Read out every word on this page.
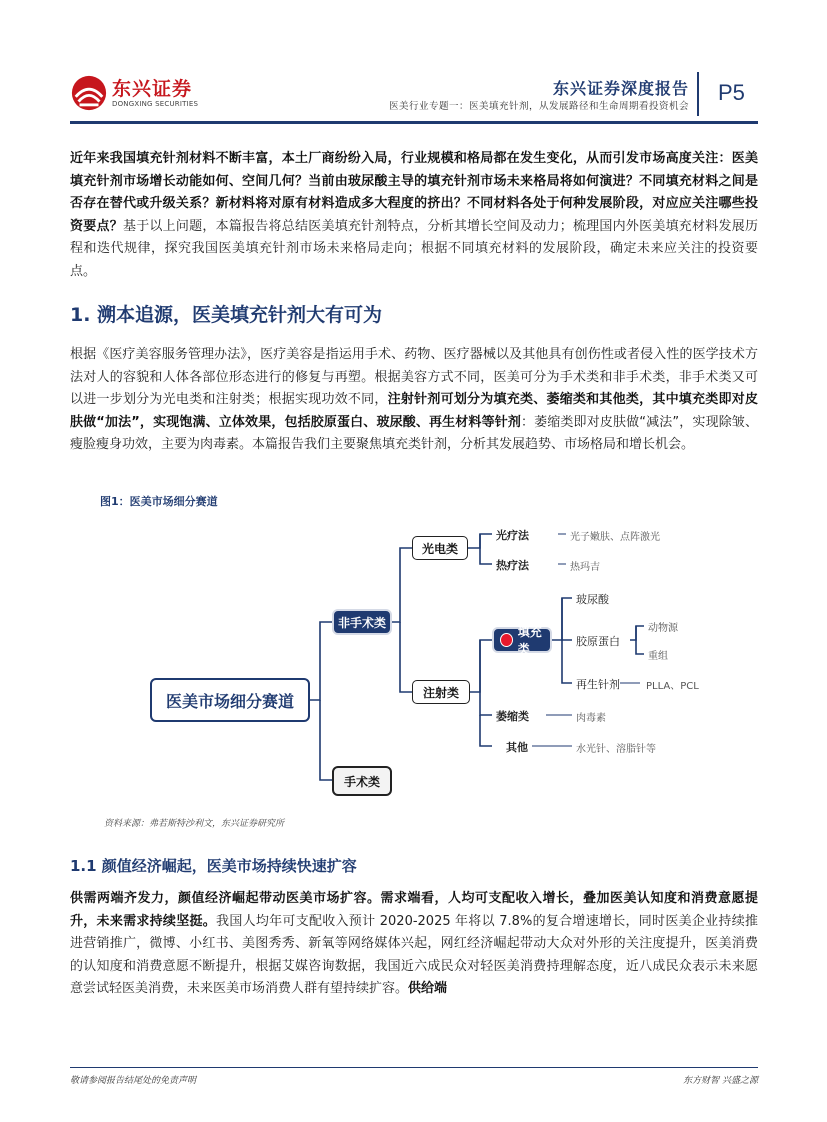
东兴证券
DONGXING SECURITIES
东兴证券深度报告
医美行业专题一：医美填充针剂，从发展路径和生命周期看投资机会
P5
近年来我国填充针剂材料不断丰富，本土厂商纷纷入局，行业规模和格局都在发生变化，从而引发市场高度关注：医美填充针剂市场增长动能如何、空间几何？当前由玻尿酸主导的填充针剂市场未来格局将如何演进？不同填充材料之间是否存在替代或升级关系？新材料将对原有材料造成多大程度的挤出？不同材料各处于何种发展阶段，对应应关注哪些投资要点？基于以上问题，本篇报告将总结医美填充针剂特点，分析其增长空间及动力；梳理国内外医美填充材料发展历程和迭代规律，探究我国医美填充针剂市场未来格局走向；根据不同填充材料的发展阶段，确定未来应关注的投资要点。
1. 溯本追源，医美填充针剂大有可为
根据《医疗美容服务管理办法》，医疗美容是指运用手术、药物、医疗器械以及其他具有创伤性或者侵入性的医学技术方法对人的容貌和人体各部位形态进行的修复与再塑。根据美容方式不同，医美可分为手术类和非手术类，非手术类又可以进一步划分为光电类和注射类；根据实现功效不同，注射针剂可划分为填充类、萎缩类和其他类，其中填充类即对皮肤做“加法”，实现饱满、立体效果，包括胶原蛋白、玻尿酸、再生材料等针剂：萎缩类即对皮肤做“减法”，实现除皱、瘦脸瘦身功效，主要为肉毒素。本篇报告我们主要聚焦填充类针剂，分析其发展趋势、市场格局和增长机会。
图1：医美市场细分赛道
医美市场细分赛道
非手术类
手术类
光电类
注射类
光疗法	光子嫩肤、点阵激光
热疗法	热玛吉
填充类
玻尿酸
胶原蛋白
动物源
重组
再生针剂	PLLA、PCL
萎缩类	肉毒素
其他	水光针、溶脂针等
资料来源：弗若斯特沙利文，东兴证券研究所
1.1 颜值经济崛起，医美市场持续快速扩容
供需两端齐发力，颜值经济崛起带动医美市场扩容。需求端看，人均可支配收入增长，叠加医美认知度和消费意愿提升，未来需求持续坚挺。我国人均年可支配收入预计 2020-2025 年将以 7.8%的复合增速增长，同时医美企业持续推进营销推广，微博、小红书、美图秀秀、新氧等网络媒体兴起，网红经济崛起带动大众对外形的关注度提升，医美消费的认知度和消费意愿不断提升，根据艾媒咨询数据，我国近六成民众对轻医美消费持理解态度，近八成民众表示未来愿意尝试轻医美消费，未来医美市场消费人群有望持续扩容。供给端
敬请参阅报告结尾处的免责声明	东方财智 兴盛之源
